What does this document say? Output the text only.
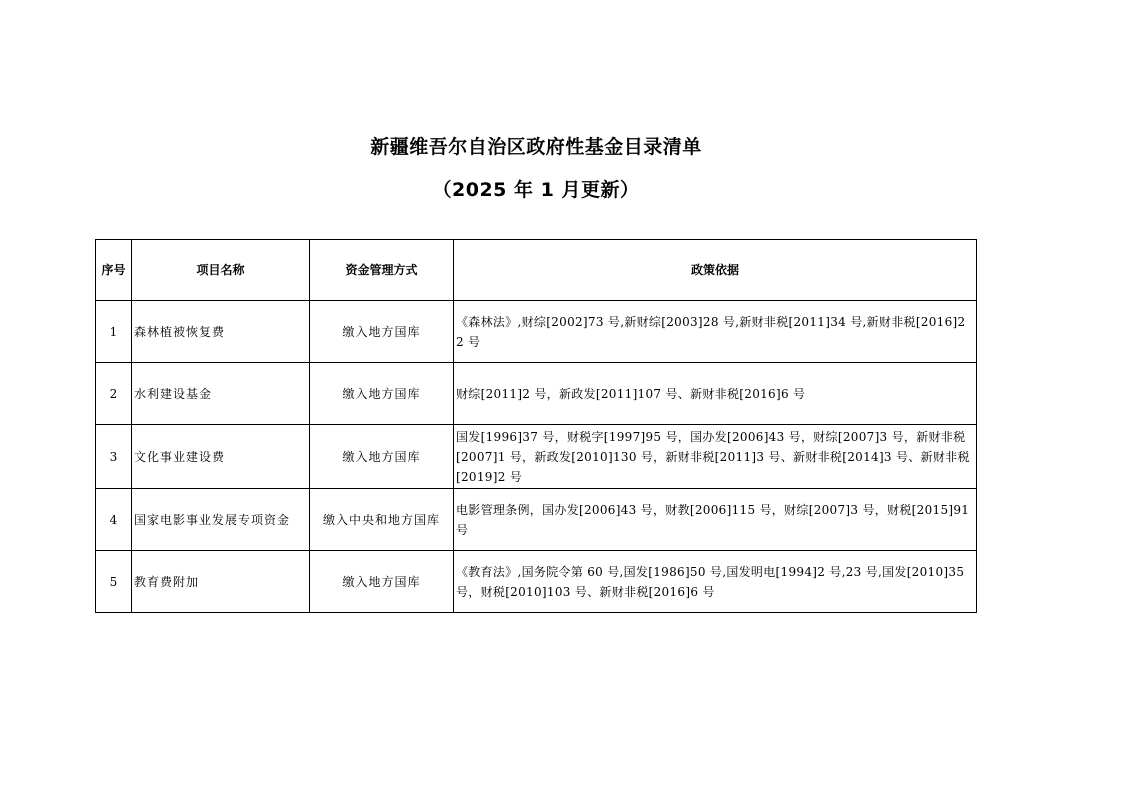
新疆维吾尔自治区政府性基金目录清单
（2025 年 1 月更新）
序号	项目名称	资金管理方式	政策依据
1	森林植被恢复费	缴入地方国库	《森林法》,财综[2002]73 号,新财综[2003]28 号,新财非税[2011]34 号,新财非税[2016]22 号
2	水利建设基金	缴入地方国库	财综[2011]2 号，新政发[2011]107 号、新财非税[2016]6 号
3	文化事业建设费	缴入地方国库	国发[1996]37 号，财税字[1997]95 号，国办发[2006]43 号，财综[2007]3 号，新财非税[2007]1 号，新政发[2010]130 号，新财非税[2011]3 号、新财非税[2014]3 号、新财非税[2019]2 号
4	国家电影事业发展专项资金	缴入中央和地方国库	电影管理条例，国办发[2006]43 号，财教[2006]115 号，财综[2007]3 号，财税[2015]91 号
5	教育费附加	缴入地方国库	《教育法》,国务院令第 60 号,国发[1986]50 号,国发明电[1994]2 号,23 号,国发[2010]35 号，财税[2010]103 号、新财非税[2016]6 号
